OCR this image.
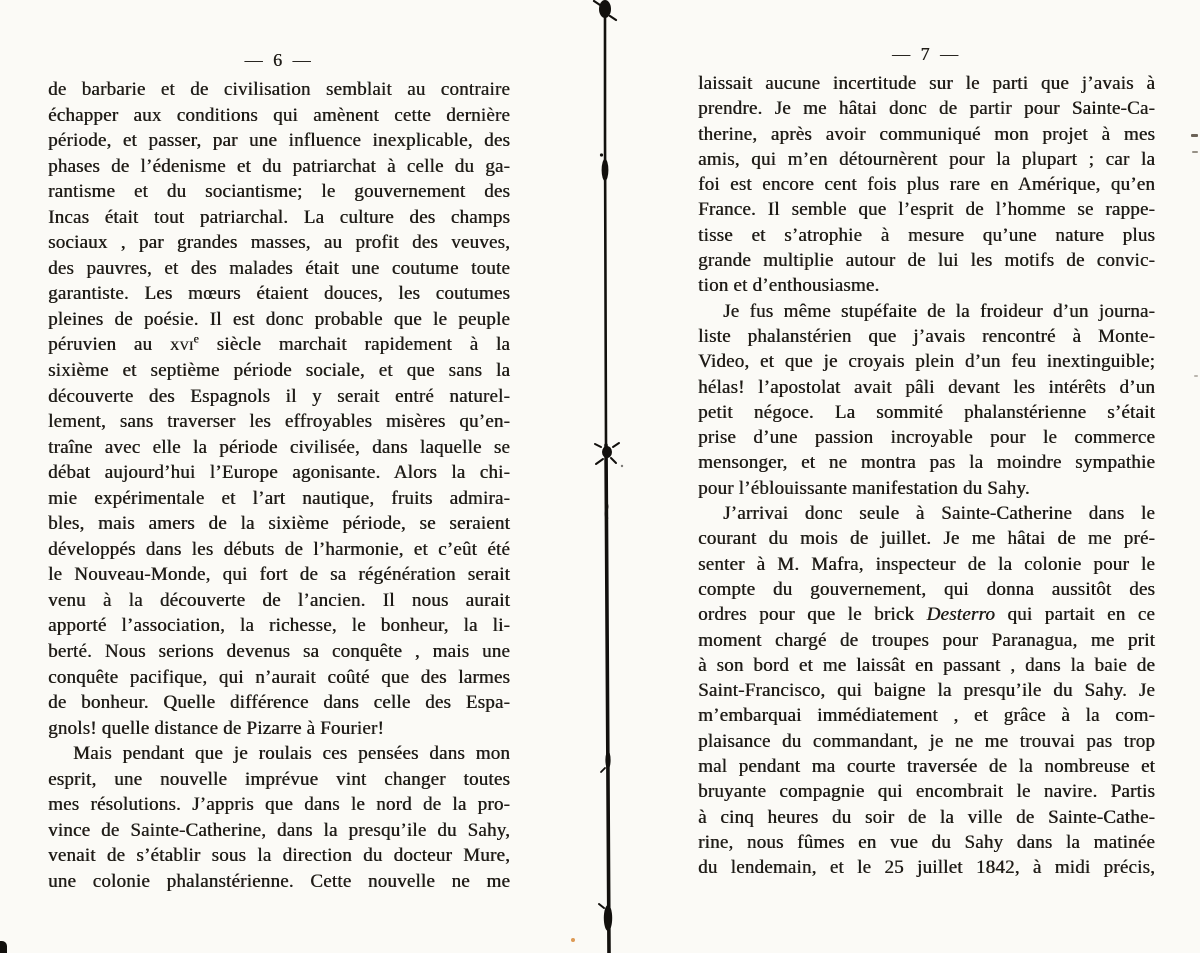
— 6 —
de barbarie et de civilisation semblait au contraire
échapper aux conditions qui amènent cette dernière
période, et passer, par une influence inexplicable, des
phases de l’édenisme et du patriarchat à celle du ga-
rantisme et du sociantisme; le gouvernement des
Incas était tout patriarchal. La culture des champs
sociaux , par grandes masses, au profit des veuves,
des pauvres, et des malades était une coutume toute
garantiste. Les mœurs étaient douces, les coutumes
pleines de poésie. Il est donc probable que le peuple
péruvien au xvi$^e$ siècle marchait rapidement à la
sixième et septième période sociale, et que sans la
découverte des Espagnols il y serait entré naturel-
lement, sans traverser les effroyables misères qu’en-
traîne avec elle la période civilisée, dans laquelle se
débat aujourd’hui l’Europe agonisante. Alors la chi-
mie expérimentale et l’art nautique, fruits admira-
bles, mais amers de la sixième période, se seraient
développés dans les débuts de l’harmonie, et c’eût été
le Nouveau-Monde, qui fort de sa régénération serait
venu à la découverte de l’ancien. Il nous aurait
apporté l’association, la richesse, le bonheur, la li-
berté. Nous serions devenus sa conquête , mais une
conquête pacifique, qui n’aurait coûté que des larmes
de bonheur. Quelle différence dans celle des Espa-
gnols! quelle distance de Pizarre à Fourier!
Mais pendant que je roulais ces pensées dans mon
esprit, une nouvelle imprévue vint changer toutes
mes résolutions. J’appris que dans le nord de la pro-
vince de Sainte-Catherine, dans la presqu’ile du Sahy,
venait de s’établir sous la direction du docteur Mure,
une colonie phalanstérienne. Cette nouvelle ne me
— 7 —
laissait aucune incertitude sur le parti que j’avais à
prendre. Je me hâtai donc de partir pour Sainte-Ca-
therine, après avoir communiqué mon projet à mes
amis, qui m’en détournèrent pour la plupart ; car la
foi est encore cent fois plus rare en Amérique, qu’en
France. Il semble que l’esprit de l’homme se rappe-
tisse et s’atrophie à mesure qu’une nature plus
grande multiplie autour de lui les motifs de convic-
tion et d’enthousiasme.
Je fus même stupéfaite de la froideur d’un journa-
liste phalanstérien que j’avais rencontré à Monte-
Video, et que je croyais plein d’un feu inextinguible;
hélas! l’apostolat avait pâli devant les intérêts d’un
petit négoce. La sommité phalanstérienne s’était
prise d’une passion incroyable pour le commerce
mensonger, et ne montra pas la moindre sympathie
pour l’éblouissante manifestation du Sahy.
J’arrivai donc seule à Sainte-Catherine dans le
courant du mois de juillet. Je me hâtai de me pré-
senter à M. Mafra, inspecteur de la colonie pour le
compte du gouvernement, qui donna aussitôt des
ordres pour que le brick Desterro qui partait en ce
moment chargé de troupes pour Paranagua, me prit
à son bord et me laissât en passant , dans la baie de
Saint-Francisco, qui baigne la presqu’ile du Sahy. Je
m’embarquai immédiatement , et grâce à la com-
plaisance du commandant, je ne me trouvai pas trop
mal pendant ma courte traversée de la nombreuse et
bruyante compagnie qui encombrait le navire. Partis
à cinq heures du soir de la ville de Sainte-Cathe-
rine, nous fûmes en vue du Sahy dans la matinée
du lendemain, et le 25 juillet 1842, à midi précis,
